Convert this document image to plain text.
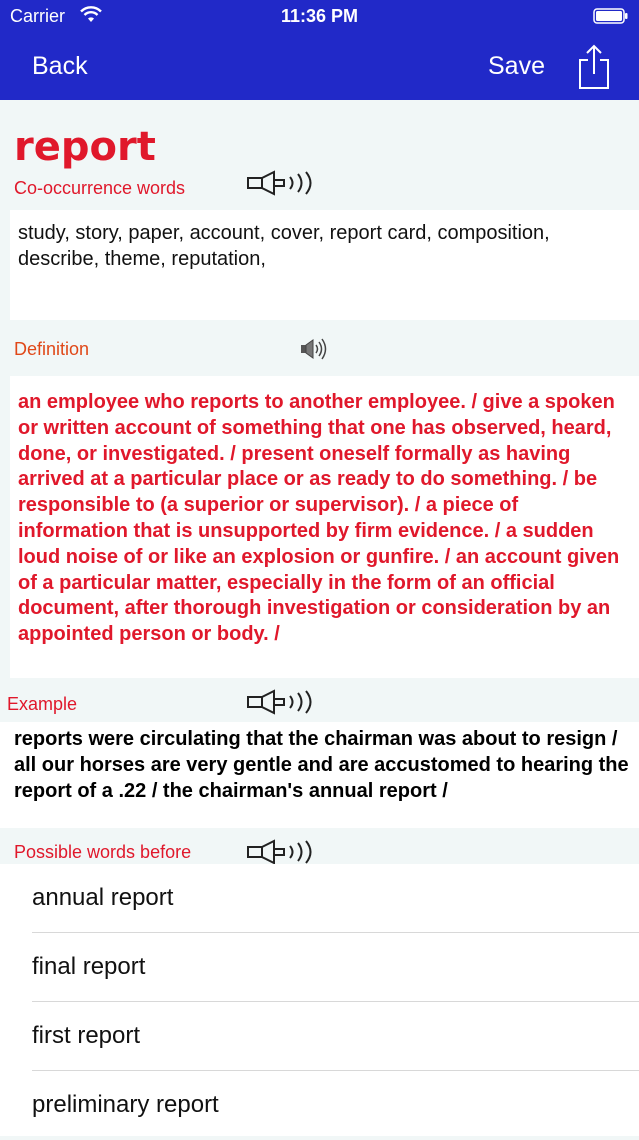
Carrier	11:36 PM
Back	Save
report
Co-occurrence words
study, story, paper, account, cover, report card, composition, describe, theme, reputation,
Definition
an employee who reports to another employee. / give a spoken or written account of something that one has observed, heard, done, or investigated. / present oneself formally as having arrived at a particular place or as ready to do something. / be responsible to (a superior or supervisor). / a piece of information that is unsupported by firm evidence. / a sudden loud noise of or like an explosion or gunfire. / an account given of a particular matter, especially in the form of an official document, after thorough investigation or consideration by an appointed person or body. /
Example
reports were circulating that the chairman was about to resign / all our horses are very gentle and are accustomed to hearing the report of a .22 / the chairman's annual report /
Possible words before
annual report
final report
first report
preliminary report
